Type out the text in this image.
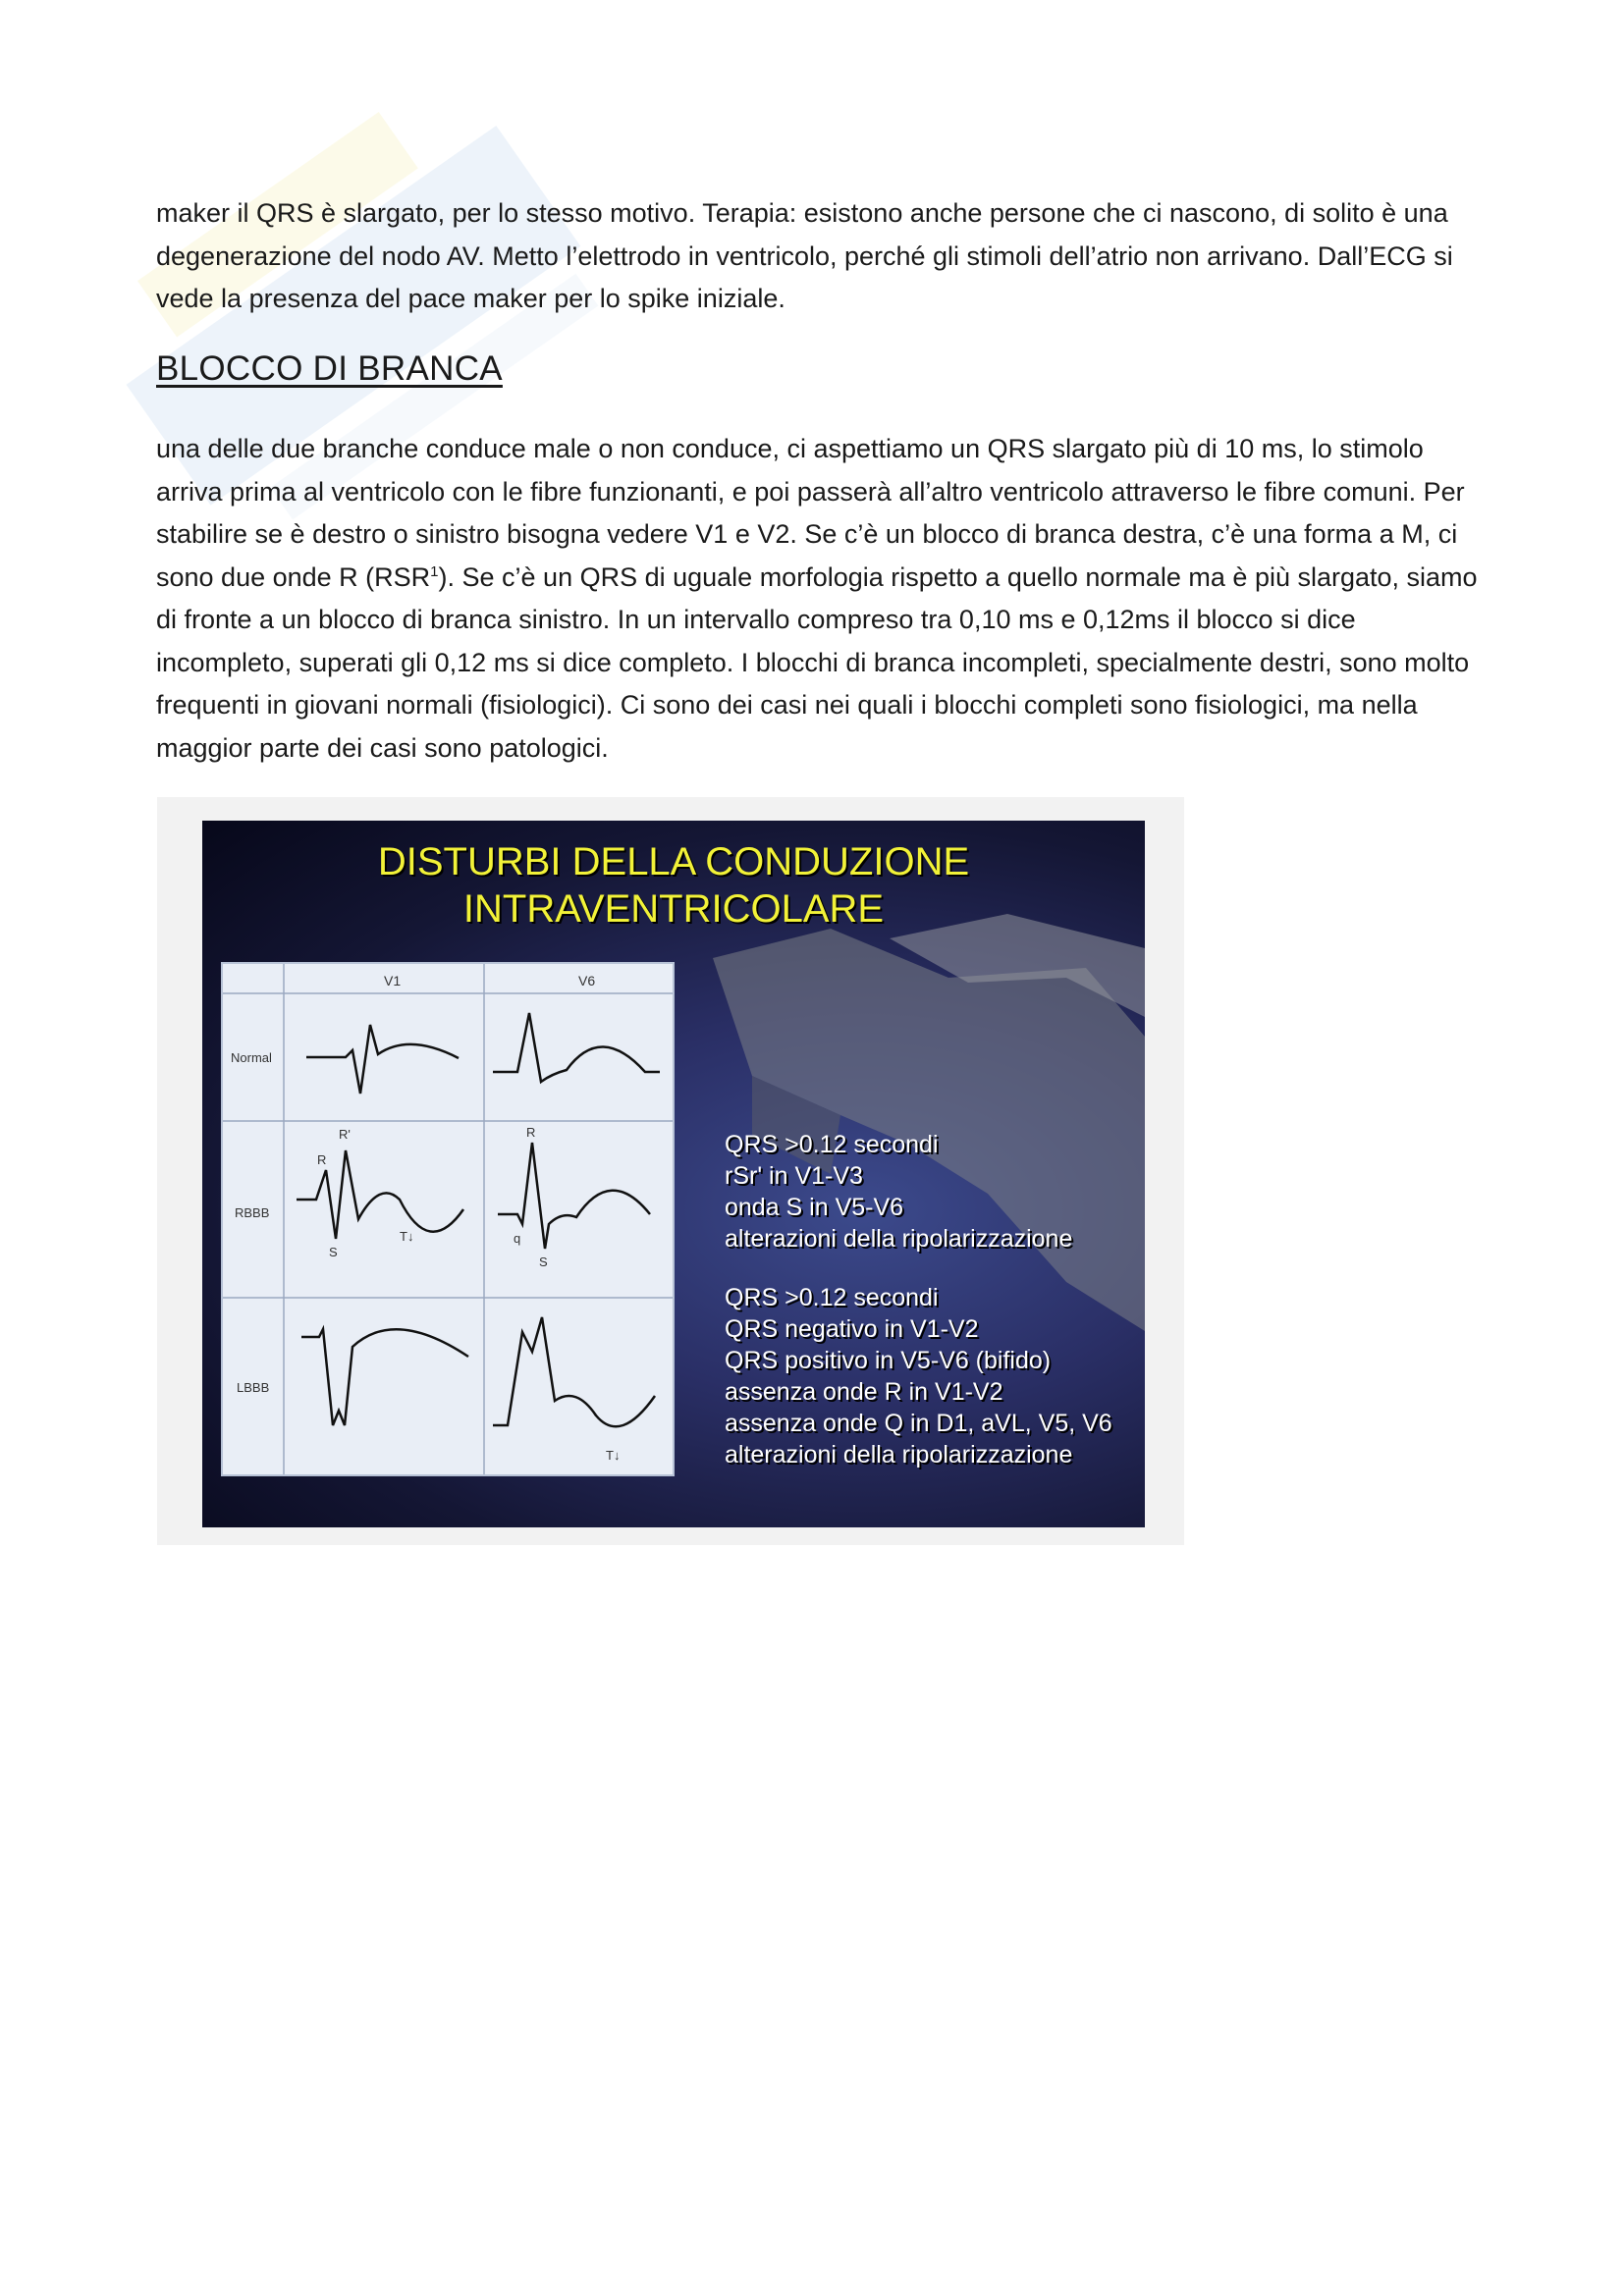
maker il QRS è slargato, per lo stesso motivo. Terapia: esistono anche persone che ci nascono, di solito è una degenerazione del nodo AV. Metto l’elettrodo in ventricolo, perché gli stimoli dell’atrio non arrivano. Dall’ECG si vede la presenza del pace maker per lo spike iniziale.

BLOCCO DI BRANCA
una delle due branche conduce male o non conduce, ci aspettiamo un QRS slargato più di 10 ms, lo stimolo arriva prima al ventricolo con le fibre funzionanti, e poi passerà all’altro ventricolo attraverso le fibre comuni. Per stabilire se è destro o sinistro bisogna vedere V1 e V2. Se c’è un blocco di branca destra, c’è una forma a M, ci sono due onde R (RSR$^1$). Se c’è un QRS di uguale morfologia rispetto a quello normale ma è più slargato, siamo di fronte a un blocco di branca sinistro. In un intervallo compreso tra 0,10 ms e 0,12ms il blocco si dice incompleto, superati gli 0,12 ms si dice completo. I blocchi di branca incompleti, specialmente destri, sono molto frequenti in giovani normali (fisiologici). Ci sono dei casi nei quali i blocchi completi sono fisiologici, ma nella maggior parte dei casi sono patologici.
DISTURBI DELLA CONDUZIONE
INTRAVENTRICOLARE
V1	V6
Normal
RBBB
LBBB
R'
R
S
T↓
R
q
S
T↓
QRS >0.12 secondi
rSr' in V1-V3
onda S in V5-V6
alterazioni della ripolarizzazione
QRS >0.12 secondi
QRS negativo in V1-V2
QRS positivo in V5-V6 (bifido)
assenza onde R in V1-V2
assenza onde Q in D1, aVL, V5, V6
alterazioni della ripolarizzazione
